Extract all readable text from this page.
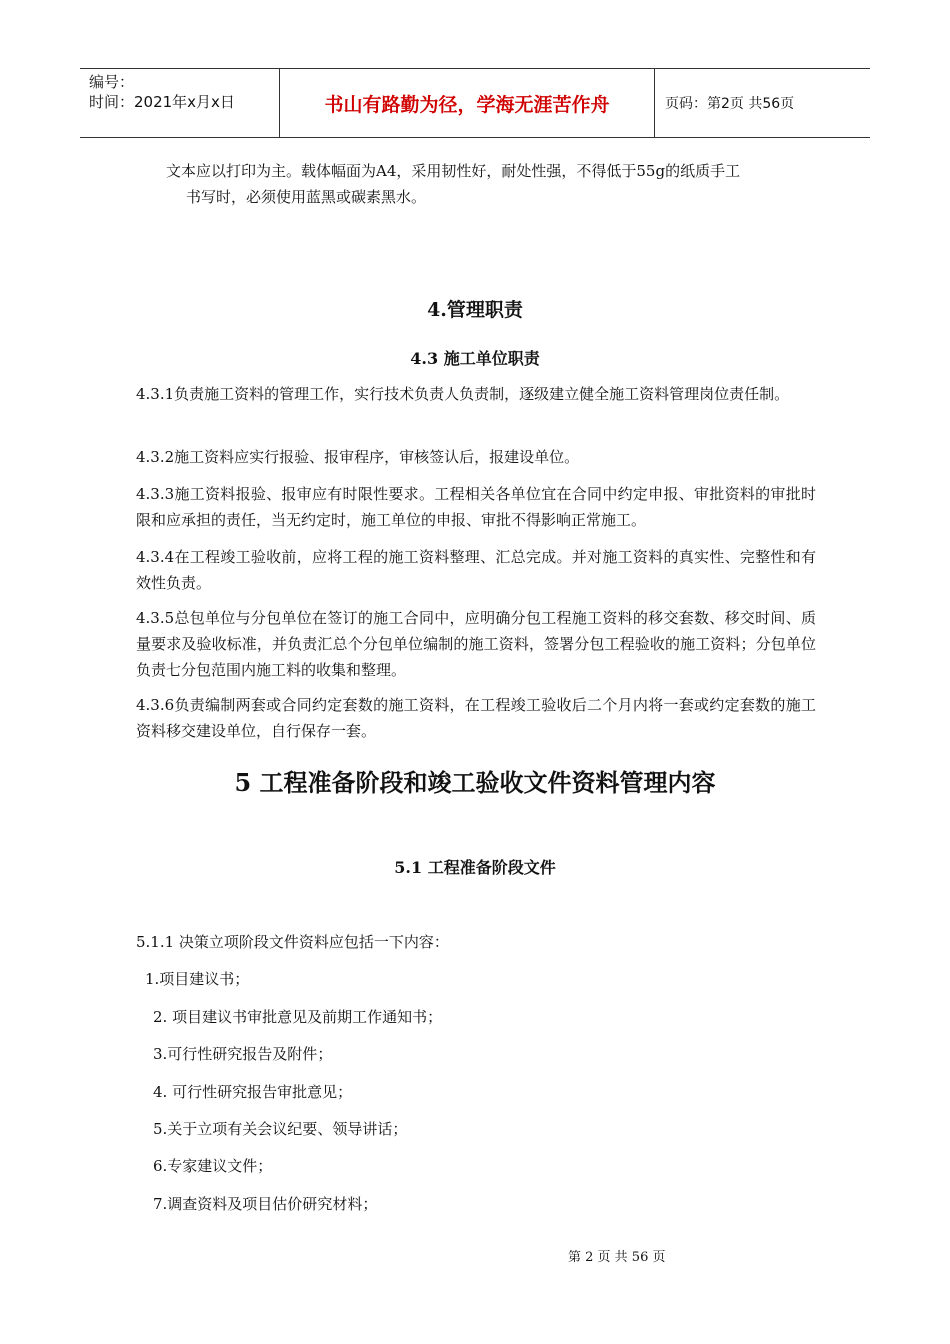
编号：
时间：2021年x月x日	书山有路勤为径，学海无涯苦作舟	页码：第2页 共56页
文本应以打印为主。载体幅面为A4，采用韧性好，耐处性强，不得低于55g的纸质手工
书写时，必须使用蓝黑或碳素黑水。
4.管理职责
4.3 施工单位职责
4.3.1负责施工资料的管理工作，实行技术负责人负责制，逐级建立健全施工资料管理岗位责任制。
4.3.2施工资料应实行报验、报审程序，审核签认后，报建设单位。
4.3.3施工资料报验、报审应有时限性要求。工程相关各单位宜在合同中约定申报、审批资料的审批时限和应承担的责任，当无约定时，施工单位的申报、审批不得影响正常施工。
4.3.4在工程竣工验收前，应将工程的施工资料整理、汇总完成。并对施工资料的真实性、完整性和有效性负责。
4.3.5总包单位与分包单位在签订的施工合同中，应明确分包工程施工资料的移交套数、移交时间、质量要求及验收标准，并负责汇总个分包单位编制的施工资料，签署分包工程验收的施工资料；分包单位负责七分包范围内施工料的收集和整理。
4.3.6负责编制两套或合同约定套数的施工资料，在工程竣工验收后二个月内将一套或约定套数的施工资料移交建设单位，自行保存一套。
5 工程准备阶段和竣工验收文件资料管理内容
5.1 工程准备阶段文件
5.1.1 决策立项阶段文件资料应包括一下内容：
1.项目建议书；
2. 项目建议书审批意见及前期工作通知书；
3.可行性研究报告及附件；
4. 可行性研究报告审批意见；
5.关于立项有关会议纪要、领导讲话；
6.专家建议文件；
7.调查资料及项目估价研究材料；
第 2 页 共 56 页
